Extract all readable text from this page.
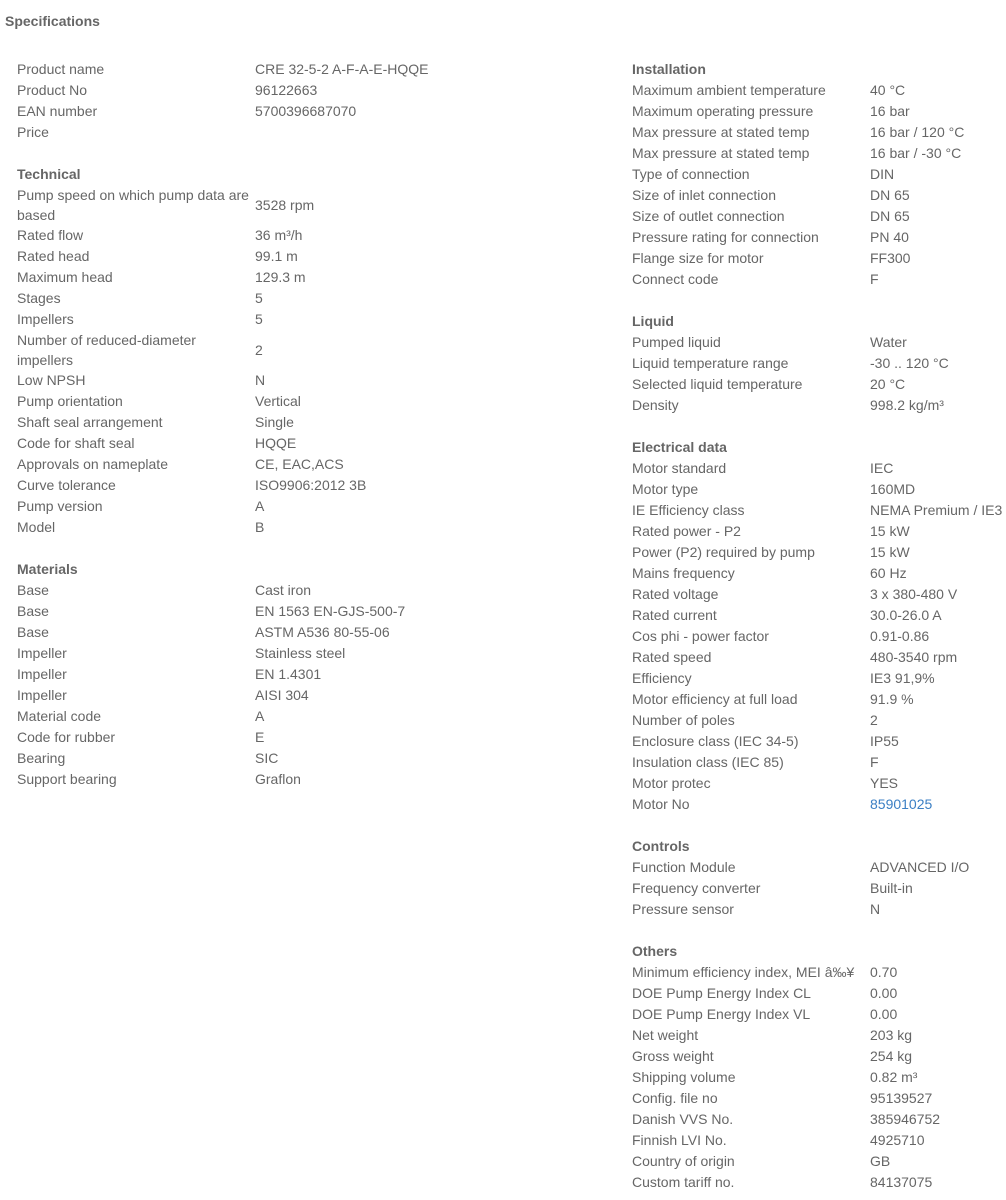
Specifications
Product name	CRE 32-5-2 A-F-A-E-HQQE
Product No	96122663
EAN number	5700396687070
Price	
Technical
Pump speed on which pump data are based	3528 rpm
Rated flow	36 m³/h
Rated head	99.1 m
Maximum head	129.3 m
Stages	5
Impellers	5
Number of reduced-diameter impellers	2
Low NPSH	N
Pump orientation	Vertical
Shaft seal arrangement	Single
Code for shaft seal	HQQE
Approvals on nameplate	CE, EAC,ACS
Curve tolerance	ISO9906:2012 3B
Pump version	A
Model	B
Materials
Base	Cast iron
Base	EN 1563 EN-GJS-500-7
Base	ASTM A536 80-55-06
Impeller	Stainless steel
Impeller	EN 1.4301
Impeller	AISI 304
Material code	A
Code for rubber	E
Bearing	SIC
Support bearing	Graflon
Installation
Maximum ambient temperature	40 °C
Maximum operating pressure	16 bar
Max pressure at stated temp	16 bar / 120 °C
Max pressure at stated temp	16 bar / -30 °C
Type of connection	DIN
Size of inlet connection	DN 65
Size of outlet connection	DN 65
Pressure rating for connection	PN 40
Flange size for motor	FF300
Connect code	F
Liquid
Pumped liquid	Water
Liquid temperature range	-30 .. 120 °C
Selected liquid temperature	20 °C
Density	998.2 kg/m³
Electrical data
Motor standard	IEC
Motor type	160MD
IE Efficiency class	NEMA Premium / IE3
Rated power - P2	15 kW
Power (P2) required by pump	15 kW
Mains frequency	60 Hz
Rated voltage	3 x 380-480 V
Rated current	30.0-26.0 A
Cos phi - power factor	0.91-0.86
Rated speed	480-3540 rpm
Efficiency	IE3 91,9%
Motor efficiency at full load	91.9 %
Number of poles	2
Enclosure class (IEC 34-5)	IP55
Insulation class (IEC 85)	F
Motor protec	YES
Motor No	85901025
Controls
Function Module	ADVANCED I/O
Frequency converter	Built-in
Pressure sensor	N
Others
Minimum efficiency index, MEI â‰¥	0.70
DOE Pump Energy Index CL	0.00
DOE Pump Energy Index VL	0.00
Net weight	203 kg
Gross weight	254 kg
Shipping volume	0.82 m³
Config. file no	95139527
Danish VVS No.	385946752
Finnish LVI No.	4925710
Country of origin	GB
Custom tariff no.	84137075
